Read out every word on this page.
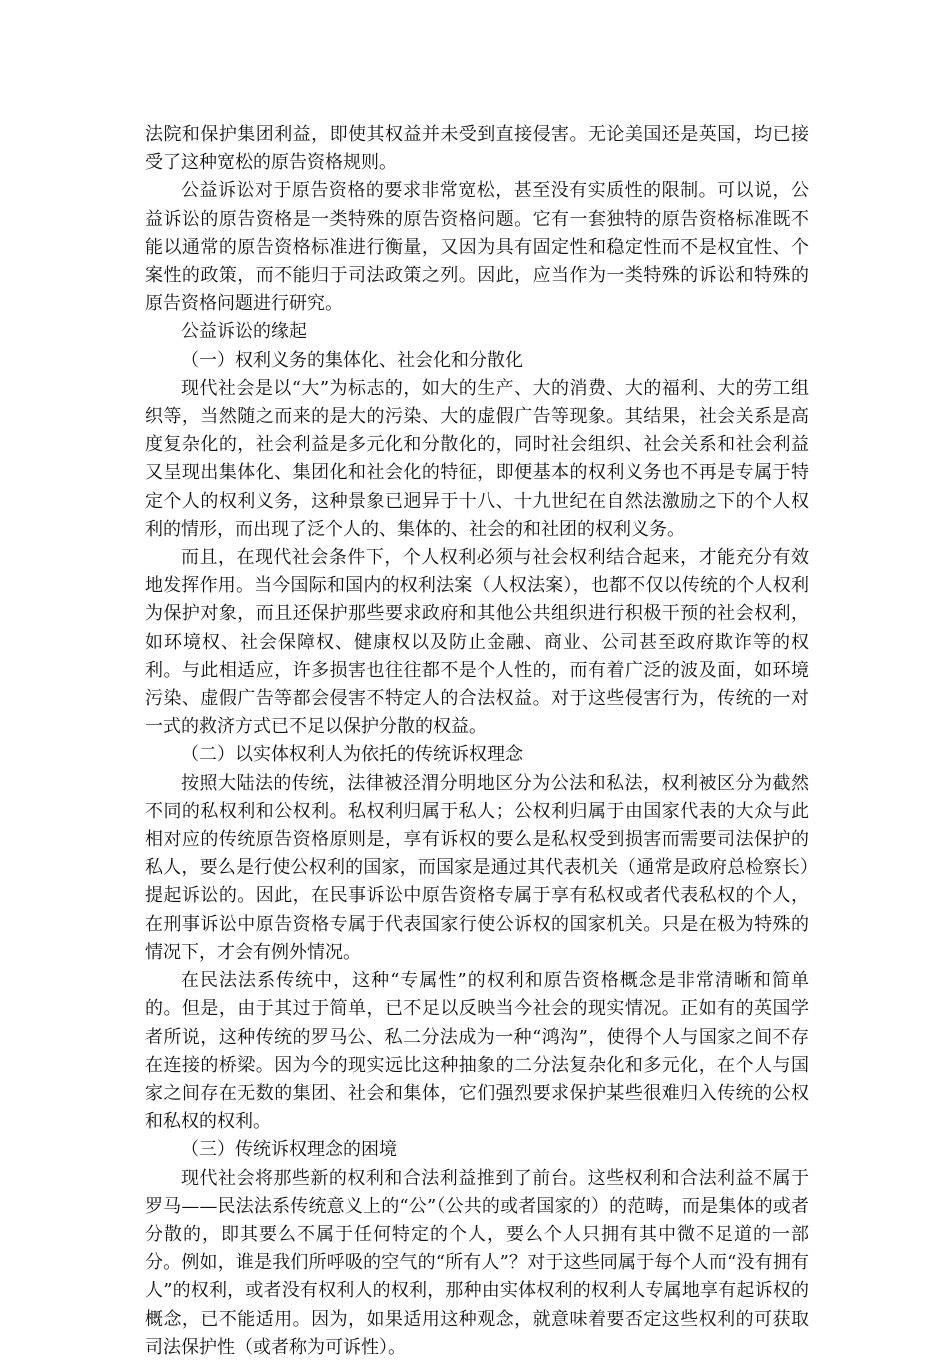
法院和保护集团利益，即使其权益并未受到直接侵害。无论美国还是英国，均已接受了这种宽松的原告资格规则。

公益诉讼对于原告资格的要求非常宽松，甚至没有实质性的限制。可以说，公益诉讼的原告资格是一类特殊的原告资格问题。它有一套独特的原告资格标准既不能以通常的原告资格标准进行衡量，又因为具有固定性和稳定性而不是权宜性、个案性的政策，而不能归于司法政策之列。因此，应当作为一类特殊的诉讼和特殊的原告资格问题进行研究。

公益诉讼的缘起

（一）权利义务的集体化、社会化和分散化

现代社会是以“大”为标志的，如大的生产、大的消费、大的福利、大的劳工组织等，当然随之而来的是大的污染、大的虚假广告等现象。其结果，社会关系是高度复杂化的，社会利益是多元化和分散化的，同时社会组织、社会关系和社会利益又呈现出集体化、集团化和社会化的特征，即便基本的权利义务也不再是专属于特定个人的权利义务，这种景象已迥异于十八、十九世纪在自然法激励之下的个人权利的情形，而出现了泛个人的、集体的、社会的和社团的权利义务。

而且，在现代社会条件下，个人权利必须与社会权利结合起来，才能充分有效地发挥作用。当今国际和国内的权利法案（人权法案），也都不仅以传统的个人权利为保护对象，而且还保护那些要求政府和其他公共组织进行积极干预的社会权利，如环境权、社会保障权、健康权以及防止金融、商业、公司甚至政府欺诈等的权利。与此相适应，许多损害也往往都不是个人性的，而有着广泛的波及面，如环境污染、虚假广告等都会侵害不特定人的合法权益。对于这些侵害行为，传统的一对一式的救济方式已不足以保护分散的权益。

（二）以实体权利人为依托的传统诉权理念

按照大陆法的传统，法律被泾渭分明地区分为公法和私法，权利被区分为截然不同的私权利和公权利。私权利归属于私人；公权利归属于由国家代表的大众与此相对应的传统原告资格原则是，享有诉权的要么是私权受到损害而需要司法保护的私人，要么是行使公权利的国家，而国家是通过其代表机关（通常是政府总检察长）提起诉讼的。因此，在民事诉讼中原告资格专属于享有私权或者代表私权的个人，在刑事诉讼中原告资格专属于代表国家行使公诉权的国家机关。只是在极为特殊的情况下，才会有例外情况。

在民法法系传统中，这种“专属性”的权利和原告资格概念是非常清晰和简单的。但是，由于其过于简单，已不足以反映当今社会的现实情况。正如有的英国学者所说，这种传统的罗马公、私二分法成为一种“鸿沟”，使得个人与国家之间不存在连接的桥梁。因为今的现实远比这种抽象的二分法复杂化和多元化，在个人与国家之间存在无数的集团、社会和集体，它们强烈要求保护某些很难归入传统的公权和私权的权利。

（三）传统诉权理念的困境

现代社会将那些新的权利和合法利益推到了前台。这些权利和合法利益不属于罗马——民法法系传统意义上的“公”（公共的或者国家的）的范畴，而是集体的或者分散的，即其要么不属于任何特定的个人，要么个人只拥有其中微不足道的一部分。例如，谁是我们所呼吸的空气的“所有人”？对于这些同属于每个人而“没有拥有人”的权利，或者没有权利人的权利，那种由实体权利的权利人专属地享有起诉权的概念，已不能适用。因为，如果适用这种观念，就意味着要否定这些权利的可获取司法保护性（或者称为可诉性）。
